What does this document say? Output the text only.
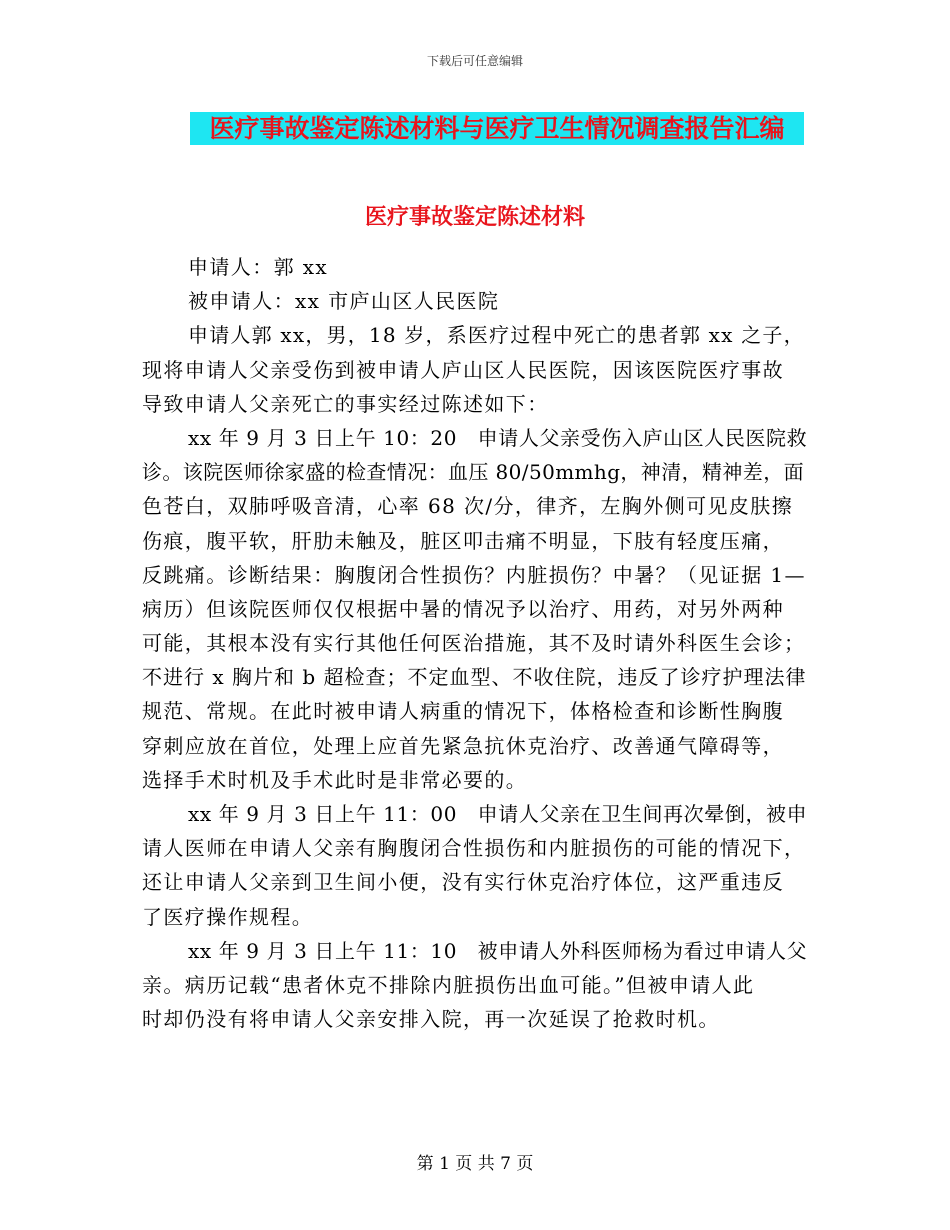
下载后可任意编辑
医疗事故鉴定陈述材料与医疗卫生情况调查报告汇编
医疗事故鉴定陈述材料
申请人：郭 xx
被申请人：xx 市庐山区人民医院
申请人郭 xx，男，18 岁，系医疗过程中死亡的患者郭 xx 之子，
现将申请人父亲受伤到被申请人庐山区人民医院，因该医院医疗事故
导致申请人父亲死亡的事实经过陈述如下：
xx 年 9 月 3 日上午 10：20　申请人父亲受伤入庐山区人民医院救
诊。该院医师徐家盛的检查情况：血压 80/50mmhg，神清，精神差，面
色苍白，双肺呼吸音清，心率 68 次/分，律齐，左胸外侧可见皮肤擦
伤痕，腹平软，肝肋未触及，脏区叩击痛不明显，下肢有轻度压痛，
反跳痛。诊断结果：胸腹闭合性损伤？内脏损伤？中暑？（见证据 1—
病历）但该院医师仅仅根据中暑的情况予以治疗、用药，对另外两种
可能，其根本没有实行其他任何医治措施，其不及时请外科医生会诊；
不进行 x 胸片和 b 超检查；不定血型、不收住院，违反了诊疗护理法律
规范、常规。在此时被申请人病重的情况下，体格检查和诊断性胸腹
穿刺应放在首位，处理上应首先紧急抗休克治疗、改善通气障碍等，
选择手术时机及手术此时是非常必要的。
xx 年 9 月 3 日上午 11：00　申请人父亲在卫生间再次晕倒，被申
请人医师在申请人父亲有胸腹闭合性损伤和内脏损伤的可能的情况下，
还让申请人父亲到卫生间小便，没有实行休克治疗体位，这严重违反
了医疗操作规程。
xx 年 9 月 3 日上午 11：10　被申请人外科医师杨为看过申请人父
亲。病历记载“患者休克不排除内脏损伤出血可能。”但被申请人此
时却仍没有将申请人父亲安排入院，再一次延误了抢救时机。
第 1 页 共 7 页
